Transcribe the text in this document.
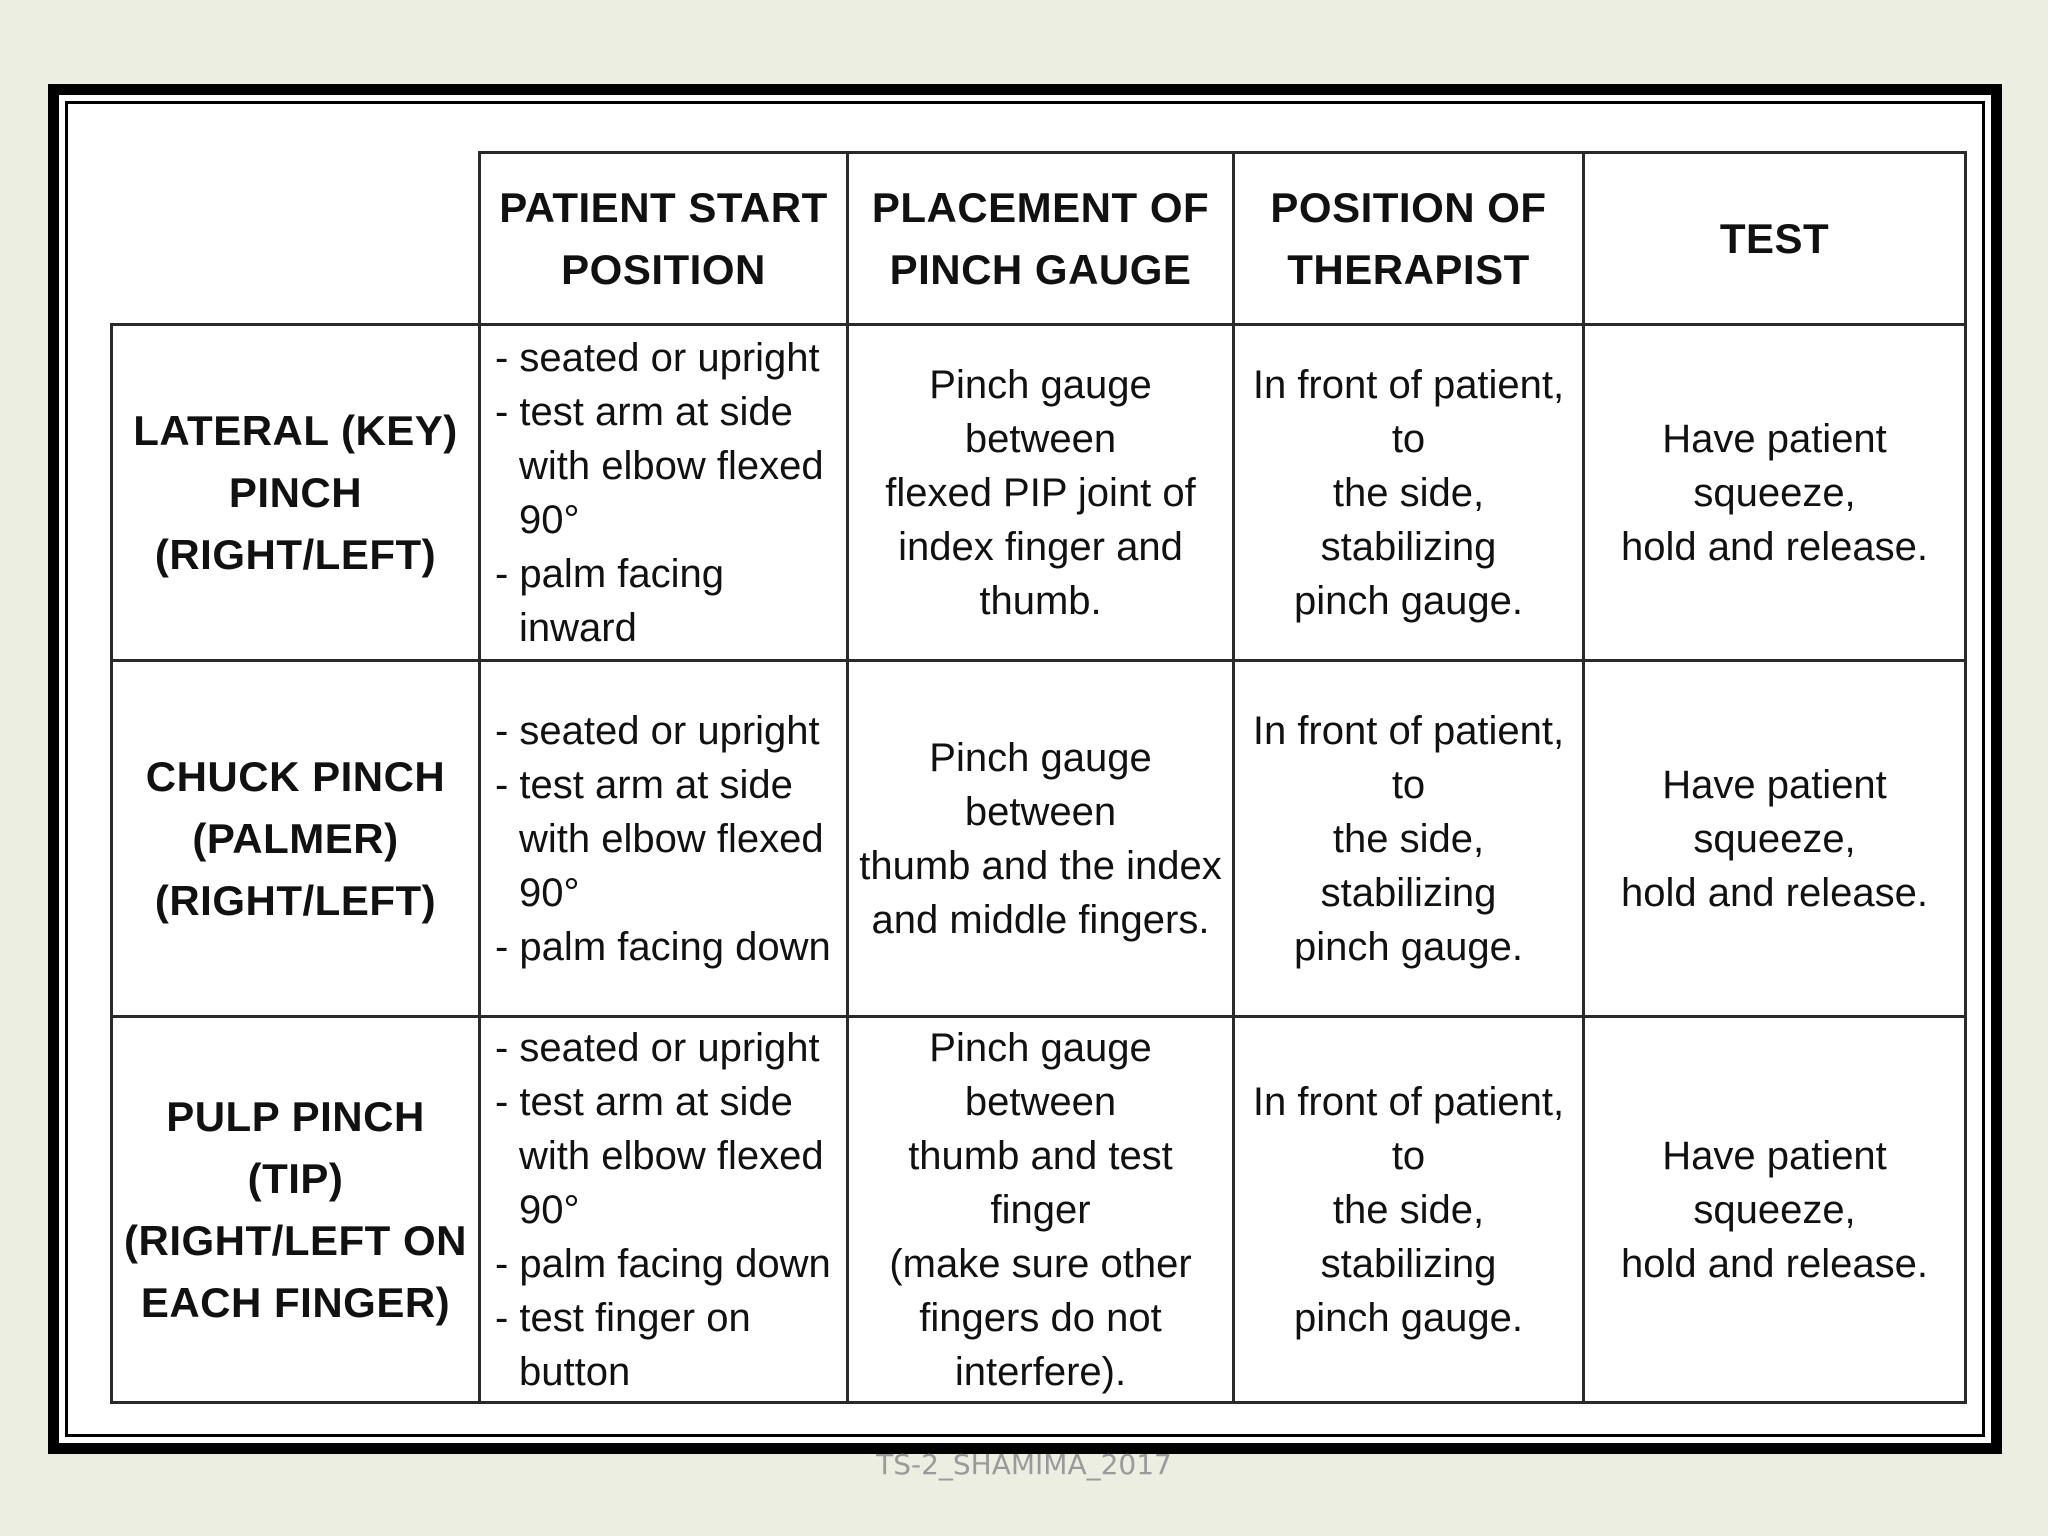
	PATIENT START
POSITION	PLACEMENT OF
PINCH GAUGE	POSITION OF
THERAPIST	TEST

LATERAL (KEY)
PINCH
(RIGHT/LEFT)	- seated or upright
- test arm at side with elbow flexed 90°
- palm facing inward	Pinch gauge between
flexed PIP joint of
index finger and
thumb.	In front of patient, to
the side, stabilizing
pinch gauge.	Have patient squeeze,
hold and release.

CHUCK PINCH
(PALMER)
(RIGHT/LEFT)	- seated or upright
- test arm at side with elbow flexed 90°
- palm facing down	Pinch gauge between
thumb and the index
and middle fingers.	In front of patient, to
the side, stabilizing
pinch gauge.	Have patient squeeze,
hold and release.

PULP PINCH
(TIP)
(RIGHT/LEFT ON
EACH FINGER)	- seated or upright
- test arm at side with elbow flexed 90°
- palm facing down
- test finger on button	Pinch gauge between
thumb and test finger
(make sure other
fingers do not
interfere).	In front of patient, to
the side, stabilizing
pinch gauge.	Have patient squeeze,
hold and release.
TS-2_SHAMIMA_2017
